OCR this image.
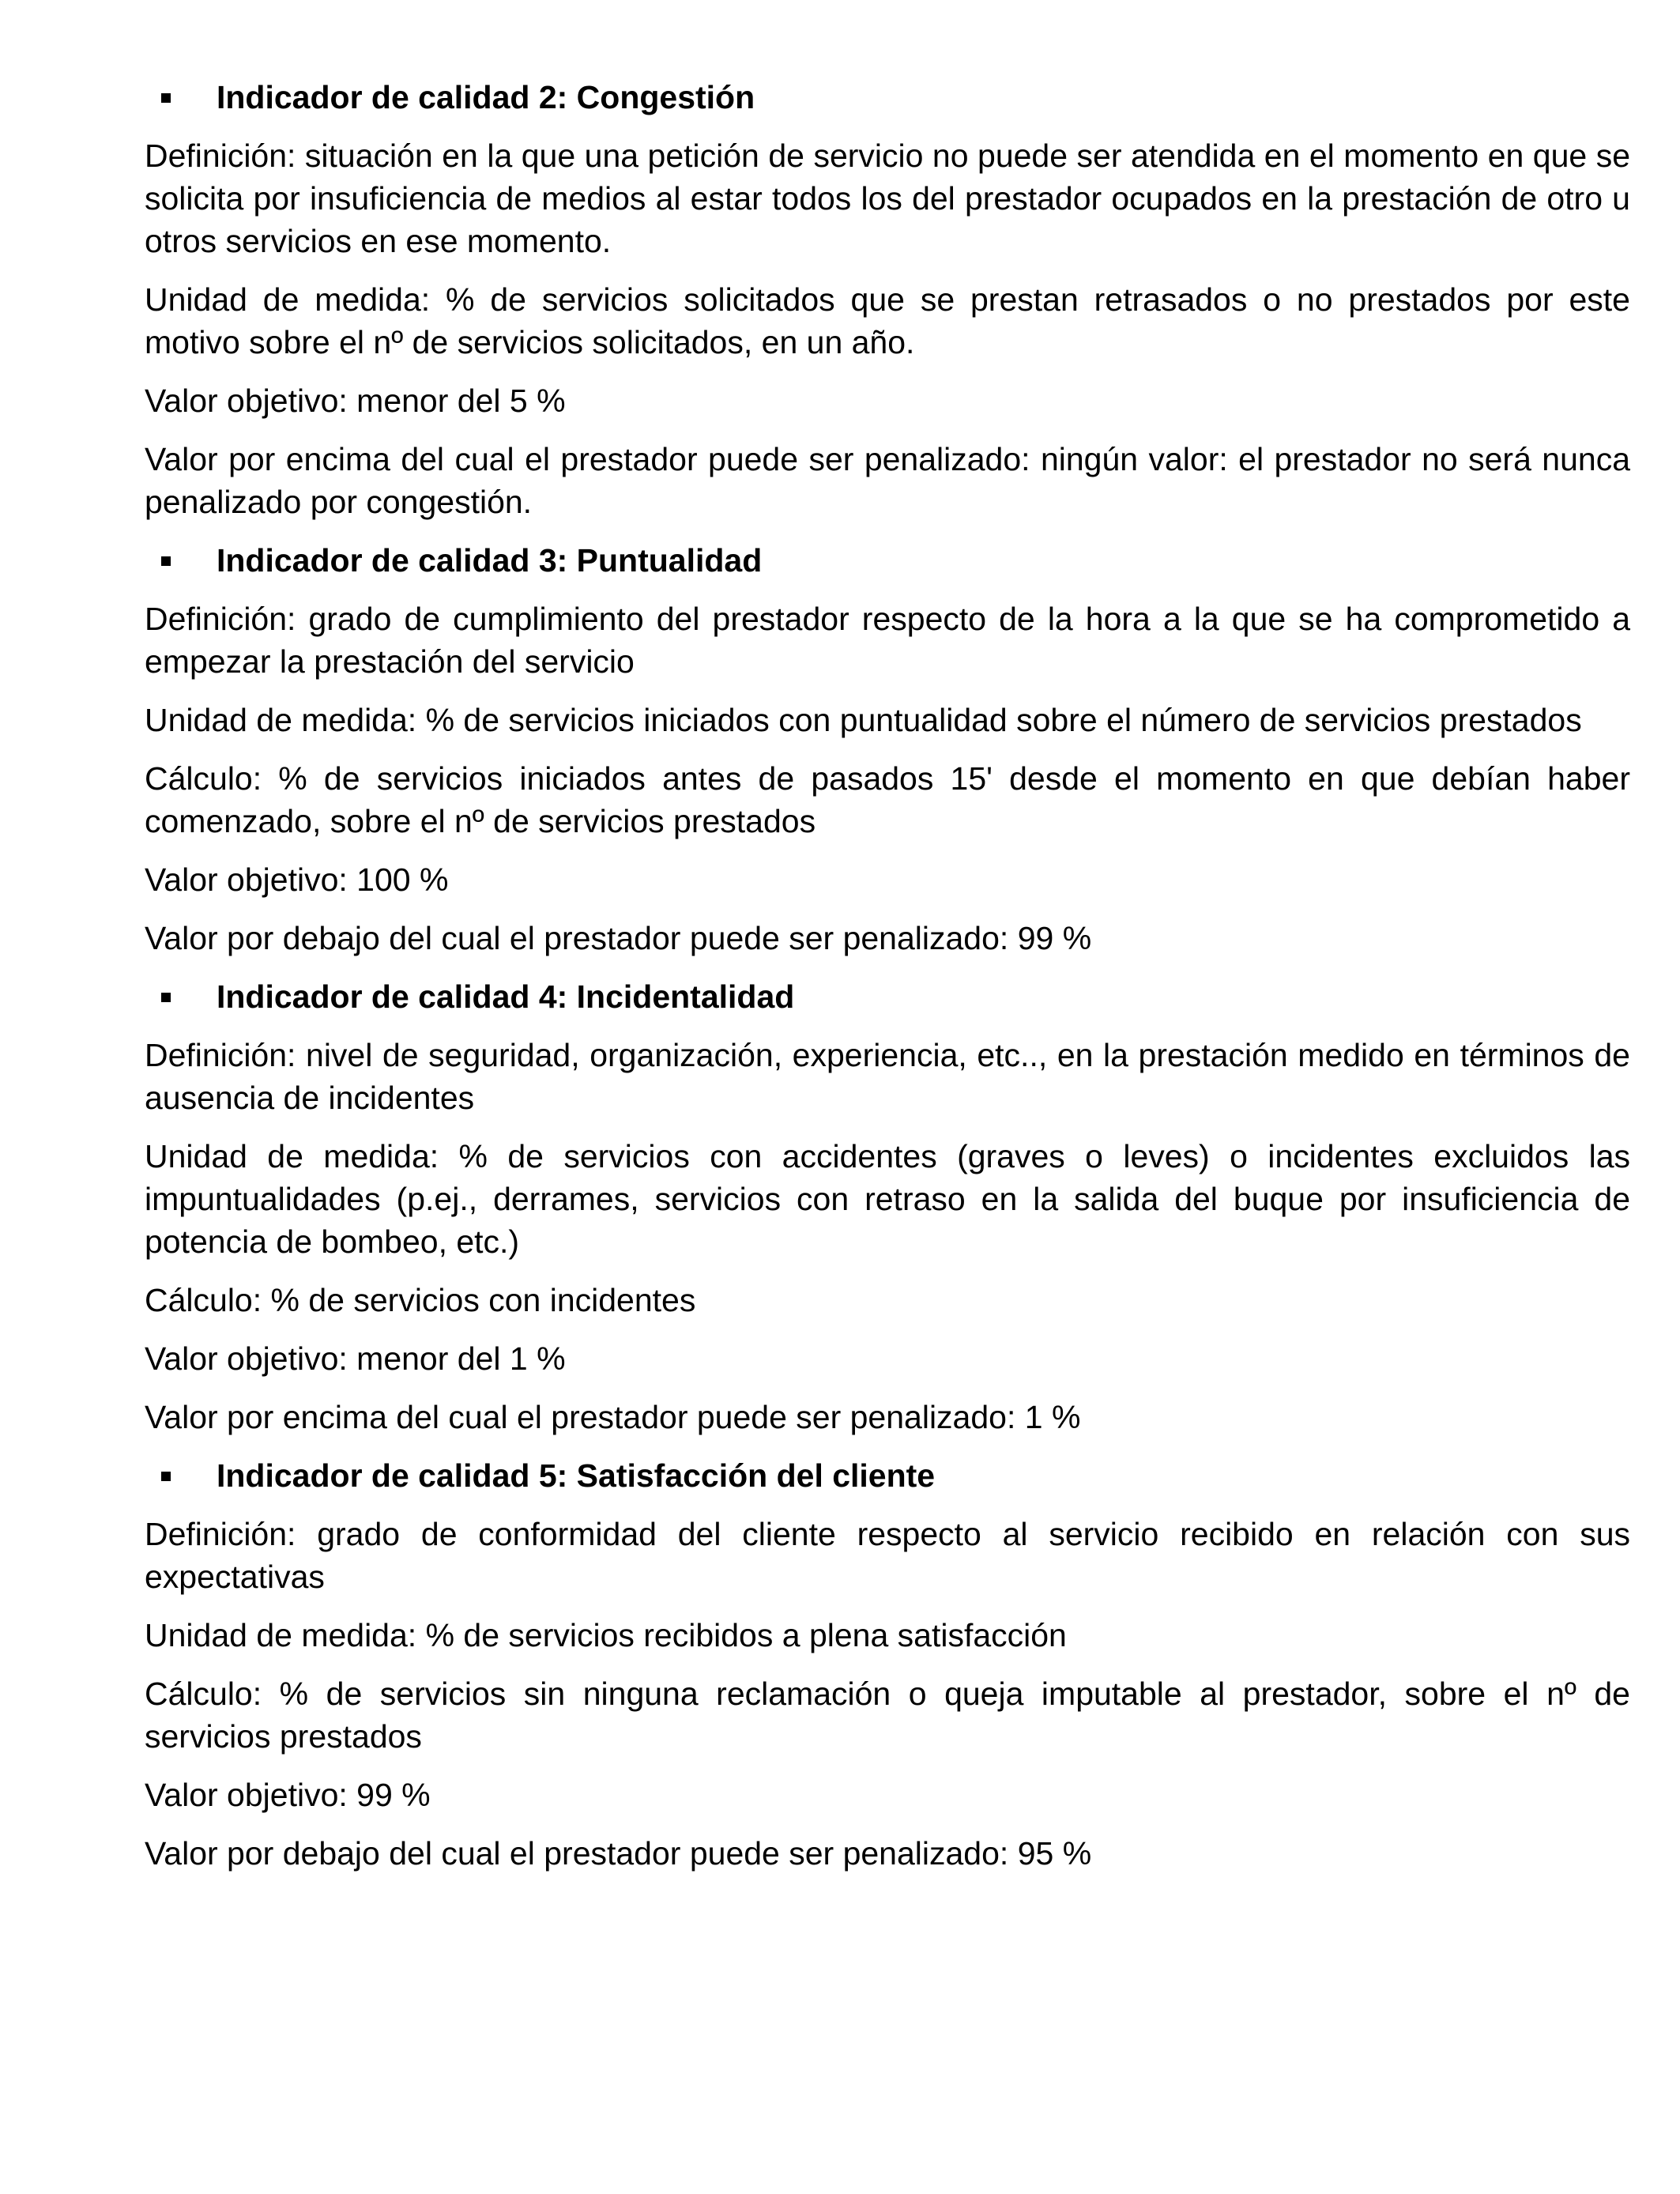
Indicador de calidad 2: Congestión

Definición: situación en la que una petición de servicio no puede ser atendida en el momento en que se solicita por insuficiencia de medios al estar todos los del prestador ocupados en la prestación de otro u otros servicios en ese momento.

Unidad de medida: % de servicios solicitados que se prestan retrasados o no prestados por este motivo sobre el nº de servicios solicitados, en un año.

Valor objetivo: menor del 5 %

Valor por encima del cual el prestador puede ser penalizado: ningún valor: el prestador no será nunca penalizado por congestión.

Indicador de calidad 3: Puntualidad

Definición: grado de cumplimiento del prestador respecto de la hora a la que se ha comprometido a empezar la prestación del servicio

Unidad de medida: % de servicios iniciados con puntualidad sobre el número de servicios prestados

Cálculo: % de servicios iniciados antes de pasados 15' desde el momento en que debían haber comenzado, sobre el nº de servicios prestados

Valor objetivo: 100 %

Valor por debajo del cual el prestador puede ser penalizado: 99 %

Indicador de calidad 4: Incidentalidad

Definición: nivel de seguridad, organización, experiencia, etc.., en la prestación medido en términos de ausencia de incidentes

Unidad de medida: % de servicios con accidentes (graves o leves) o incidentes excluidos las impuntualidades (p.ej., derrames, servicios con retraso en la salida del buque por insuficiencia de potencia de bombeo, etc.)

Cálculo: % de servicios con incidentes

Valor objetivo: menor del 1 %

Valor por encima del cual el prestador puede ser penalizado: 1 %

Indicador de calidad 5: Satisfacción del cliente

Definición: grado de conformidad del cliente respecto al servicio recibido en relación con sus expectativas

Unidad de medida: % de servicios recibidos a plena satisfacción

Cálculo: % de servicios sin ninguna reclamación o queja imputable al prestador, sobre el nº de servicios prestados

Valor objetivo: 99 %

Valor por debajo del cual el prestador puede ser penalizado: 95 %
